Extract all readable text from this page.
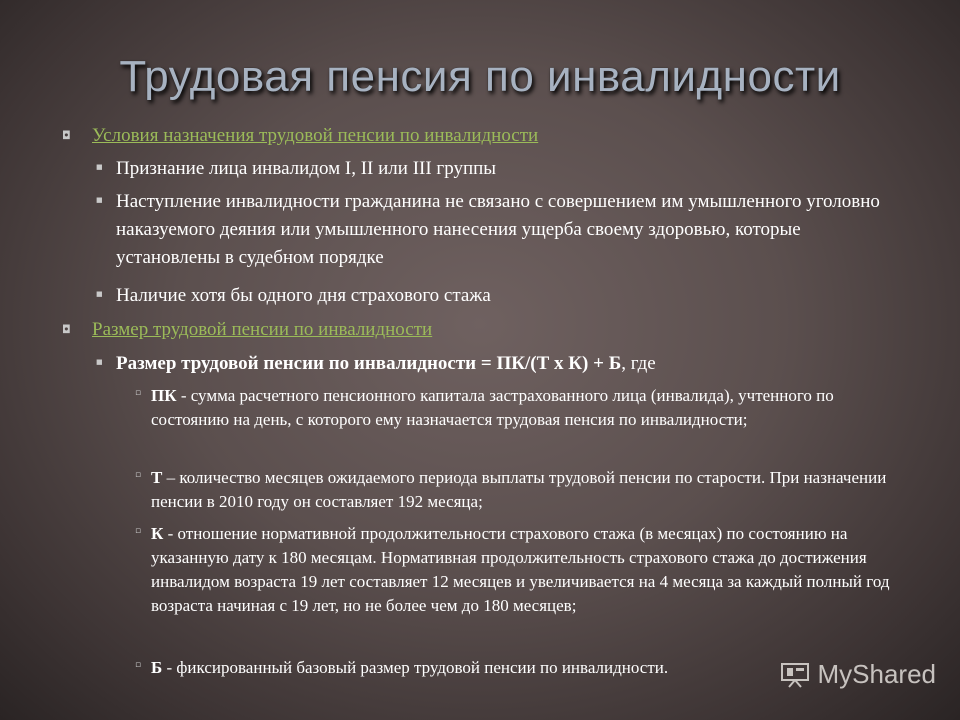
Трудовая пенсия по инвалидности
◘	Условия назначения трудовой пенсии по инвалидности
■ Признание лица инвалидом I, II или III группы
■ Наступление инвалидности гражданина не связано с совершением им умышленного уголовно наказуемого деяния или умышленного нанесения ущерба своему здоровью, которые установлены в судебном порядке
■ Наличие хотя бы одного дня страхового стажа
◘	Размер трудовой пенсии по инвалидности
■ Размер трудовой пенсии по инвалидности = ПК/(Т х К) + Б, где
▫ ПК - сумма расчетного пенсионного капитала застрахованного лица (инвалида), учтенного по состоянию на день, с которого ему назначается трудовая пенсия по инвалидности;
▫ Т – количество месяцев ожидаемого периода выплаты трудовой пенсии по старости. При назначении пенсии в 2010 году он составляет 192 месяца;
▫ К - отношение нормативной продолжительности страхового стажа (в месяцах) по состоянию на указанную дату к 180 месяцам. Нормативная продолжительность страхового стажа до достижения инвалидом возраста 19 лет составляет 12 месяцев и увеличивается на 4 месяца за каждый полный год возраста начиная с 19 лет, но не более чем до 180 месяцев;
▫ Б - фиксированный базовый размер трудовой пенсии по инвалидности.	MyShared
